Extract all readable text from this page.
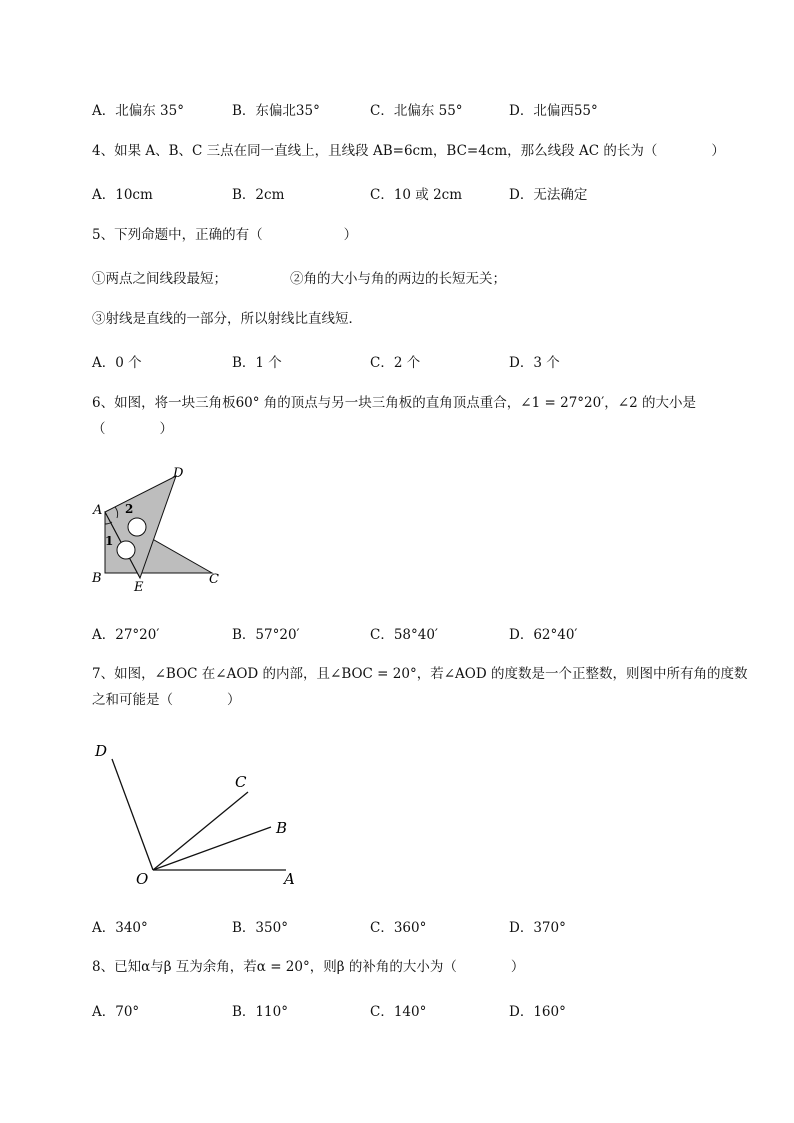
A．北偏东 35°	B．东偏北35°	C．北偏东 55°	D．北偏西55°
4、如果 A、B、C 三点在同一直线上，且线段 AB=6cm，BC=4cm，那么线段 AC 的长为（　　　　）
A．10cm	B．2cm	C．10 或 2cm	D．无法确定
5、下列命题中，正确的有（　　　　　　）
①两点之间线段最短；	②角的大小与角的两边的长短无关；
③射线是直线的一部分，所以射线比直线短．
A．0 个	B．1 个	C．2 个	D．3 个
6、如图，将一块三角板60° 角的顶点与另一块三角板的直角顶点重合，∠1 = 27°20′，∠2 的大小是（　　　　）
A
B	C
D
E
1
2
A．27°20′	B．57°20′	C．58°40′	D．62°40′
7、如图，∠BOC 在∠AOD 的内部，且∠BOC = 20°，若∠AOD 的度数是一个正整数，则图中所有角的度数之和可能是（　　　　）
D
C
B
A
O
A．340°	B．350°	C．360°	D．370°
8、已知α与β 互为余角，若α = 20°，则β 的补角的大小为（　　　　）
A．70°	B．110°	C．140°	D．160°
